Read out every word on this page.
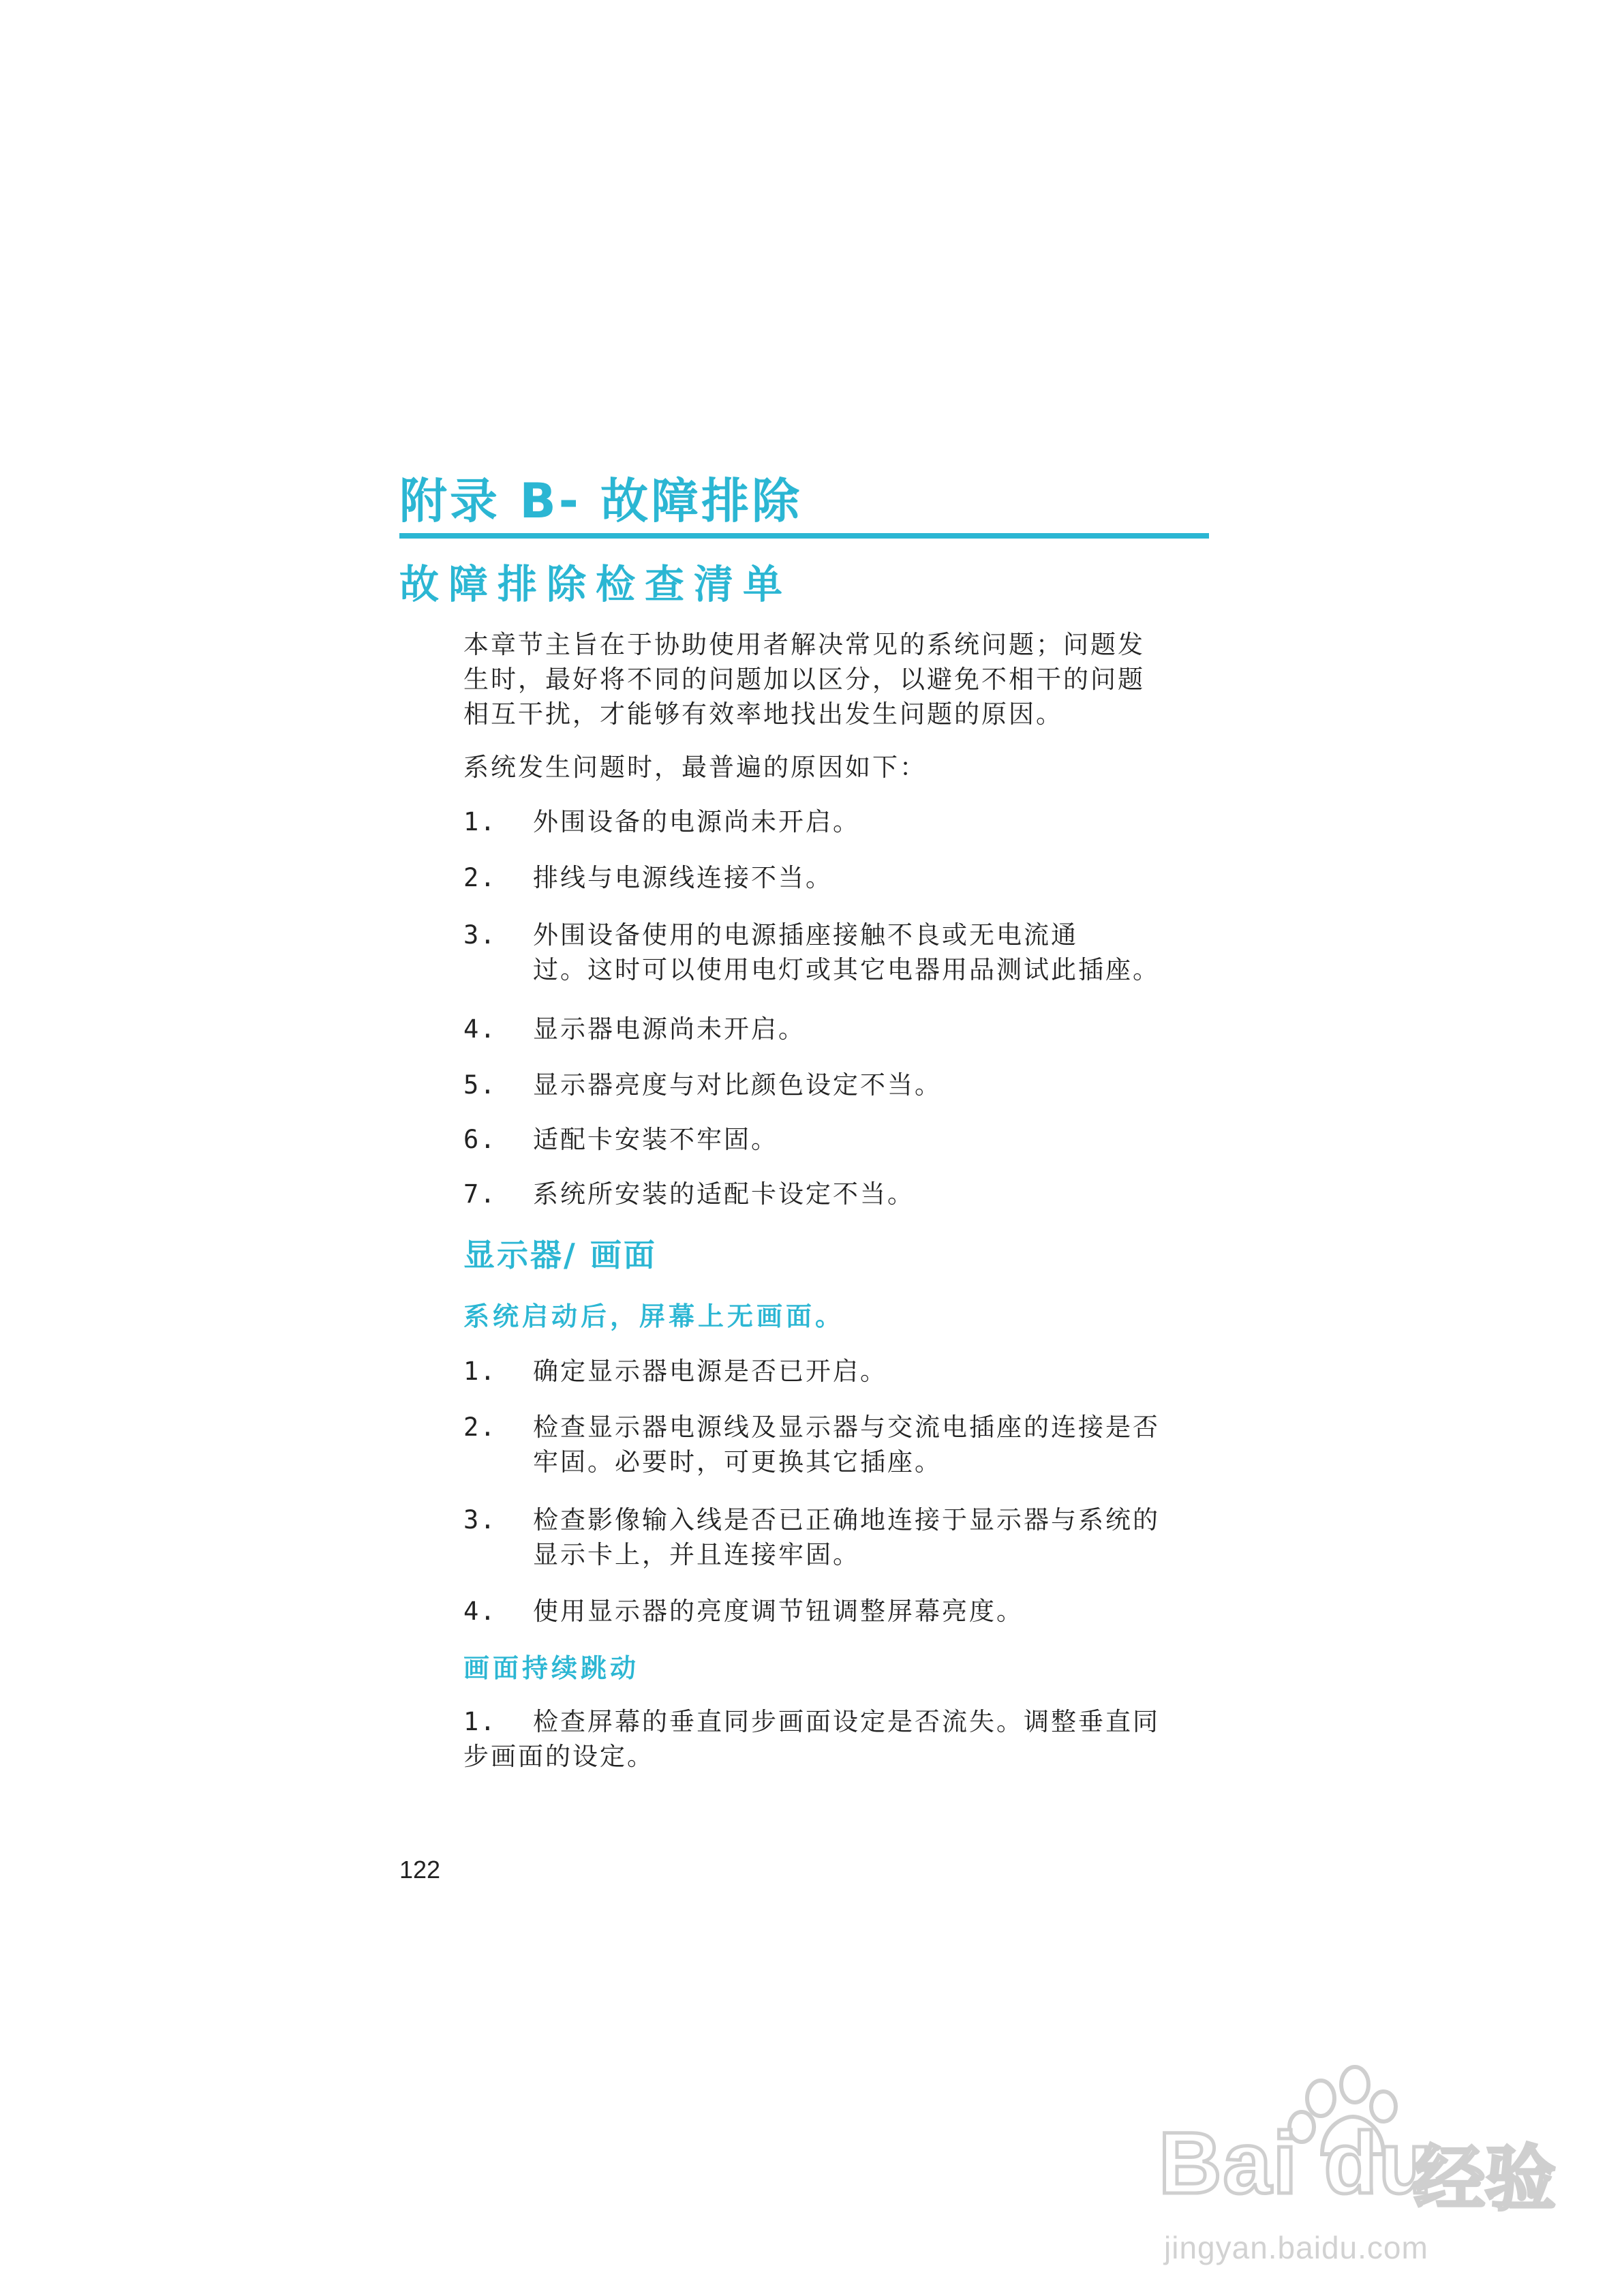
附录 B- 故障排除
故障排除检查清单

本章节主旨在于协助使用者解决常见的系统问题；问题发
生时，最好将不同的问题加以区分，以避免不相干的问题
相互干扰，才能够有效率地找出发生问题的原因。

系统发生问题时，最普遍的原因如下：

1.	外围设备的电源尚未开启。
2.	排线与电源线连接不当。
3.	外围设备使用的电源插座接触不良或无电流通
过。这时可以使用电灯或其它电器用品测试此插座。
4.	显示器电源尚未开启。
5.	显示器亮度与对比颜色设定不当。
6.	适配卡安装不牢固。
7.	系统所安装的适配卡设定不当。
显示器/ 画面
系统启动后，屏幕上无画面。
1.	确定显示器电源是否已开启。
2.	检查显示器电源线及显示器与交流电插座的连接是否
牢固。必要时，可更换其它插座。
3.	检查影像输入线是否已正确地连接于显示器与系统的
显示卡上，并且连接牢固。
4.	使用显示器的亮度调节钮调整屏幕亮度。
画面持续跳动

1. 检查屏幕的垂直同步画面设定是否流失。调整垂直同
步画面的设定。

122

Bai du
经验
jingyan.baidu.com
